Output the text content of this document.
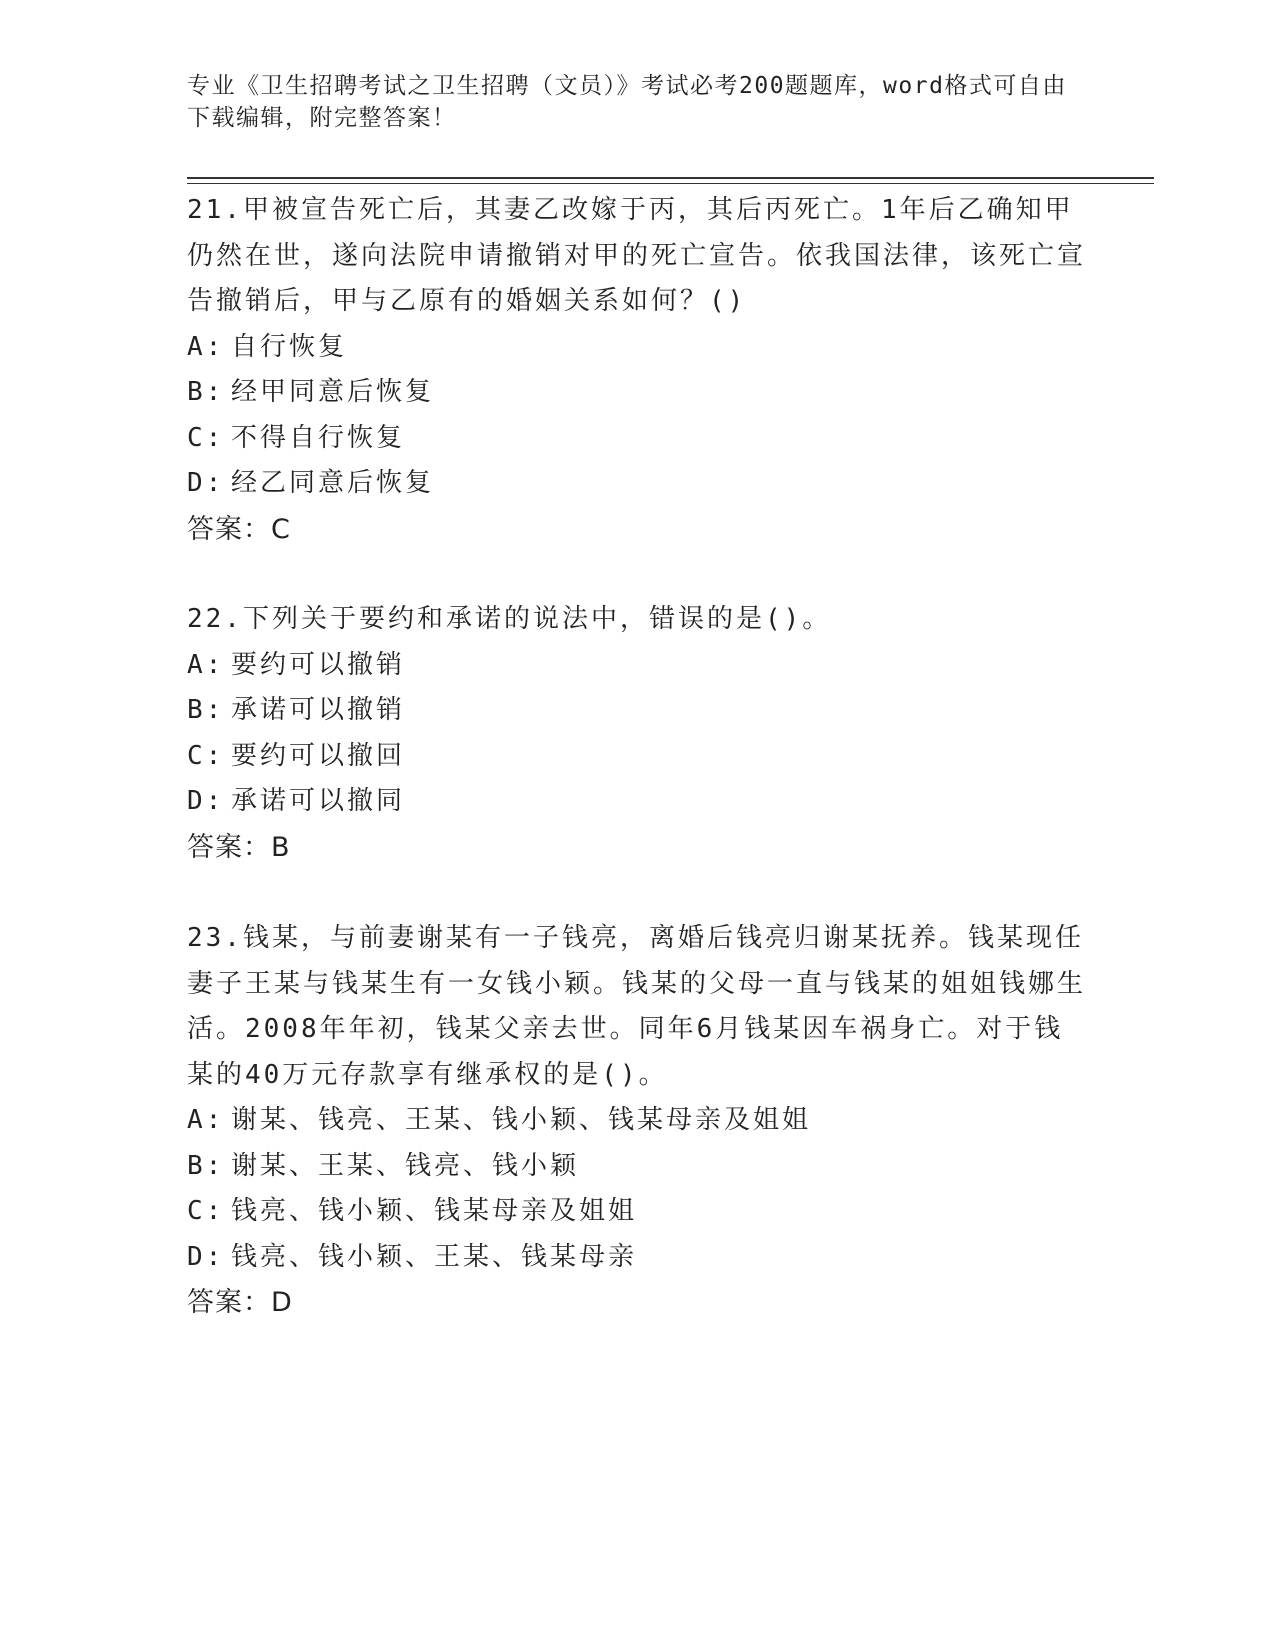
专业《卫生招聘考试之卫生招聘（文员）》考试必考200题题库，word格式可自由下载编辑，附完整答案！

21.甲被宣告死亡后，其妻乙改嫁于丙，其后丙死亡。1年后乙确知甲仍然在世，遂向法院申请撤销对甲的死亡宣告。依我国法律，该死亡宣告撤销后，甲与乙原有的婚姻关系如何？()

A: 自行恢复
B: 经甲同意后恢复
C: 不得自行恢复
D: 经乙同意后恢复
答案：C

22.下列关于要约和承诺的说法中，错误的是()。

A: 要约可以撤销
B: 承诺可以撤销
C: 要约可以撤回
D: 承诺可以撤同
答案：B

23.钱某，与前妻谢某有一子钱亮，离婚后钱亮归谢某抚养。钱某现任妻子王某与钱某生有一女钱小颖。钱某的父母一直与钱某的姐姐钱娜生活。2008年年初，钱某父亲去世。同年6月钱某因车祸身亡。对于钱某的40万元存款享有继承权的是()。

A: 谢某、钱亮、王某、钱小颖、钱某母亲及姐姐
B: 谢某、王某、钱亮、钱小颖
C: 钱亮、钱小颖、钱某母亲及姐姐
D: 钱亮、钱小颖、王某、钱某母亲
答案：D
